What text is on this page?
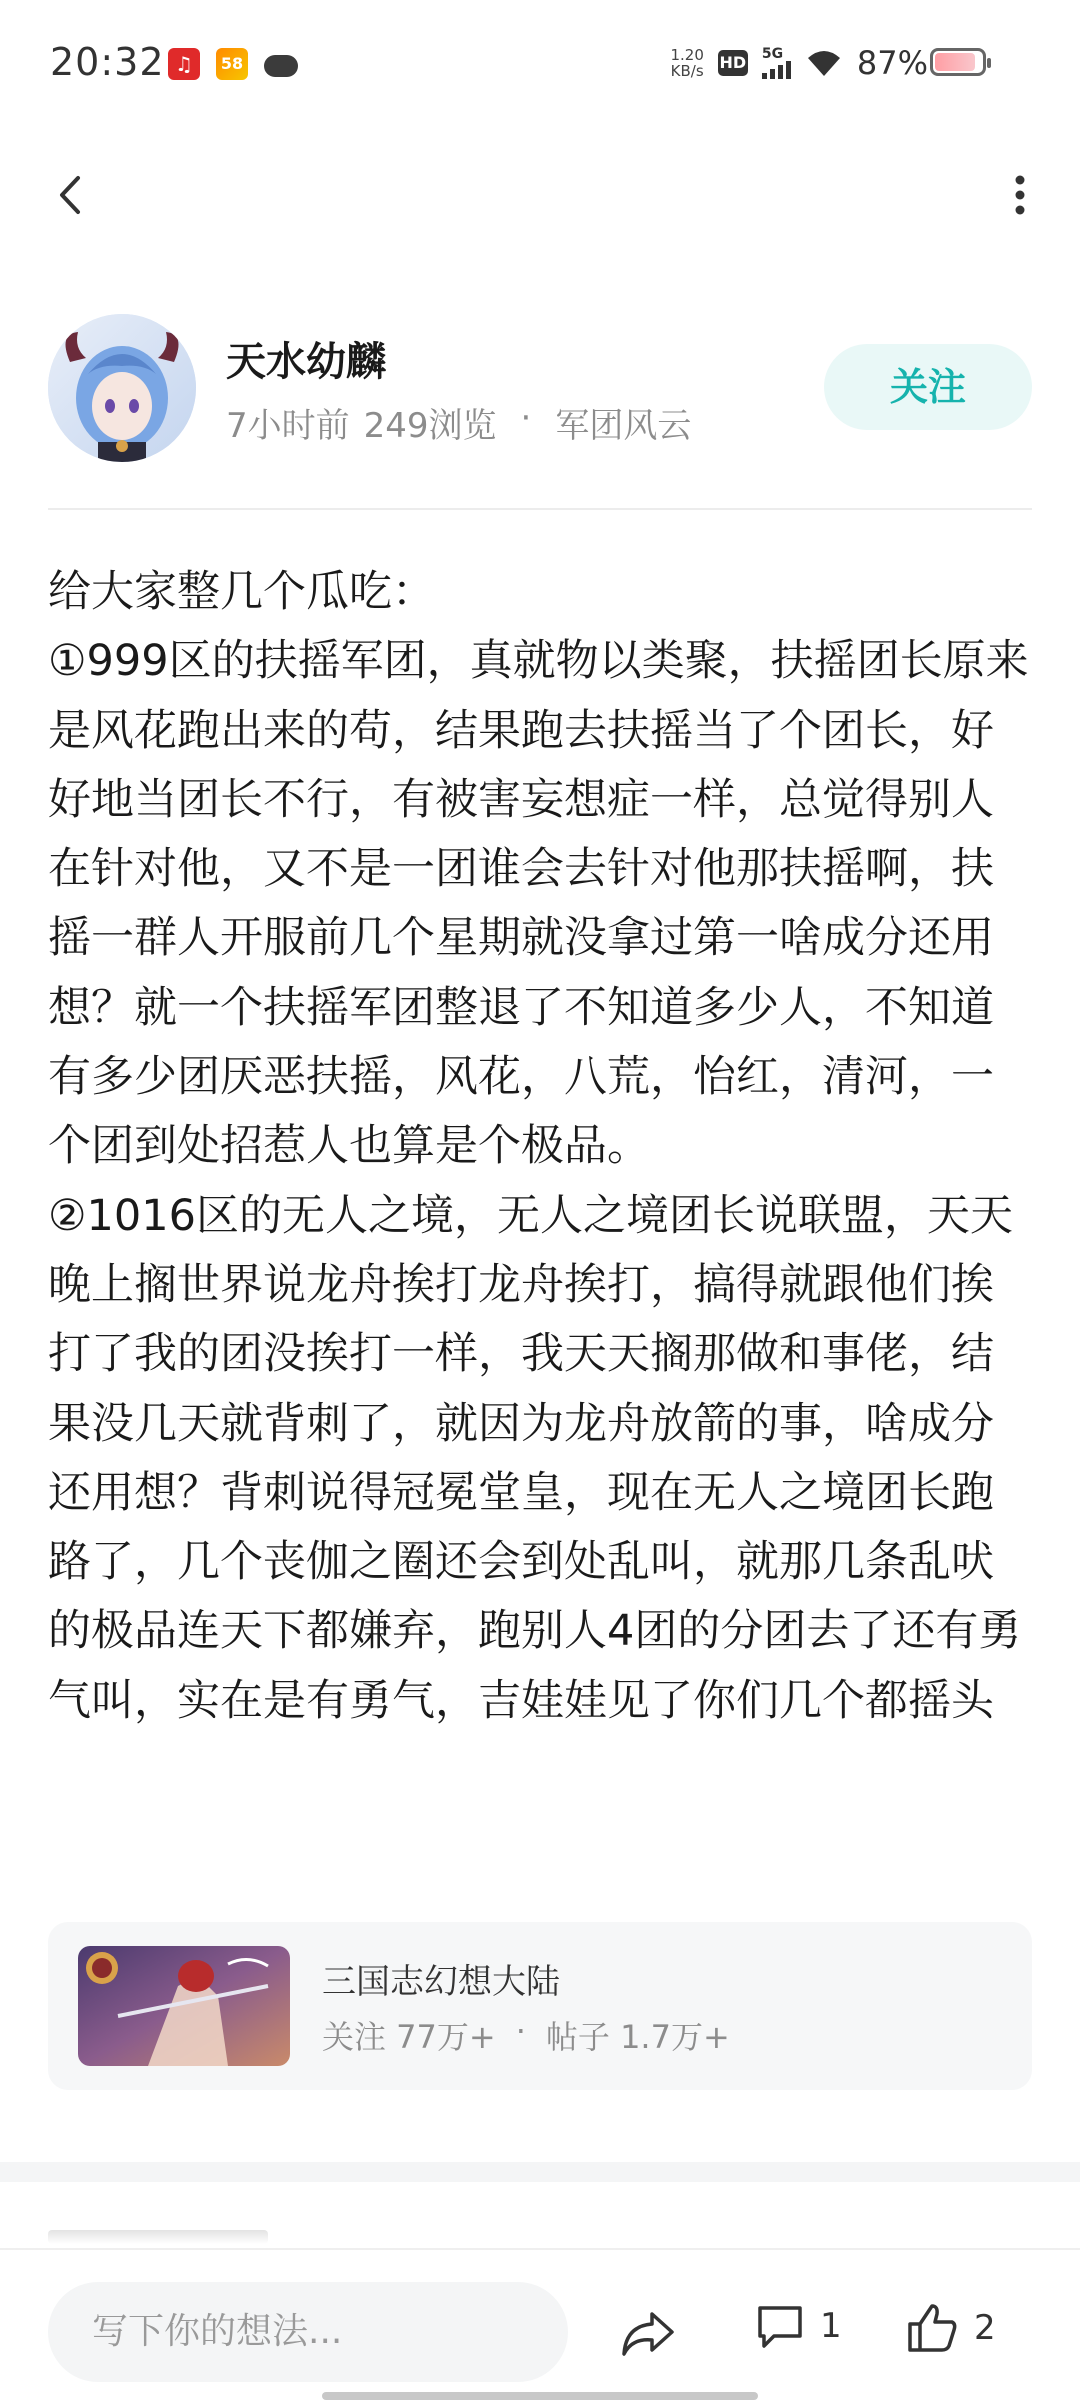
20:32 ♫	58	1.20
KB/s HD 5G 87%
天水幼麟
7小时前 249浏览 · 军团风云
关注
给大家整几个瓜吃：
①999区的扶摇军团，真就物以类聚，扶摇团长原来是风花跑出来的苟，结果跑去扶摇当了个团长，好好地当团长不行，有被害妄想症一样，总觉得别人在针对他，又不是一团谁会去针对他那扶摇啊，扶摇一群人开服前几个星期就没拿过第一啥成分还用想？就一个扶摇军团整退了不知道多少人，不知道有多少团厌恶扶摇，风花，八荒，怡红，清河，一个团到处招惹人也算是个极品。
②1016区的无人之境，无人之境团长说联盟，天天晚上搁世界说龙舟挨打龙舟挨打，搞得就跟他们挨打了我的团没挨打一样，我天天搁那做和事佬，结果没几天就背刺了，就因为龙舟放箭的事，啥成分还用想？背刺说得冠冕堂皇，现在无人之境团长跑路了，几个丧伽之圈还会到处乱叫，就那几条乱吠的极品连天下都嫌弃，跑别人4团的分团去了还有勇气叫，实在是有勇气，吉娃娃见了你们几个都摇头
三国志幻想大陆
关注 77万+ · 帖子 1.7万+
写下你的想法...	1	2
